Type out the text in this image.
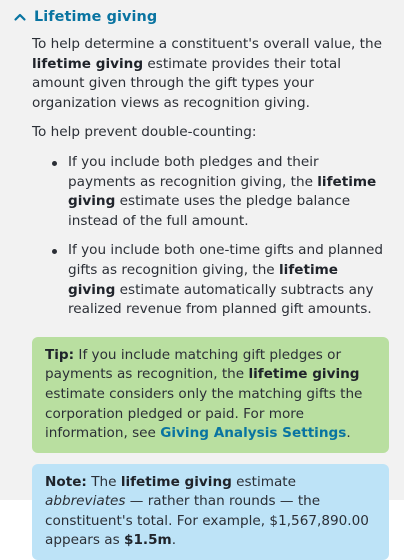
Lifetime giving

To help determine a constituent's overall value, the lifetime giving estimate provides their total amount given through the gift types your organization views as recognition giving.

To help prevent double-counting:

If you include both pledges and their payments as recognition giving, the lifetime giving estimate uses the pledge balance instead of the full amount.
If you include both one-time gifts and planned gifts as recognition giving, the lifetime giving estimate automatically subtracts any realized revenue from planned gift amounts.
Tip: If you include matching gift pledges or payments as recognition, the lifetime giving estimate considers only the matching gifts the corporation pledged or paid. For more information, see Giving Analysis Settings.
Note: The lifetime giving estimate abbreviates — rather than rounds — the constituent's total. For example, $1,567,890.00 appears as $1.5m.
